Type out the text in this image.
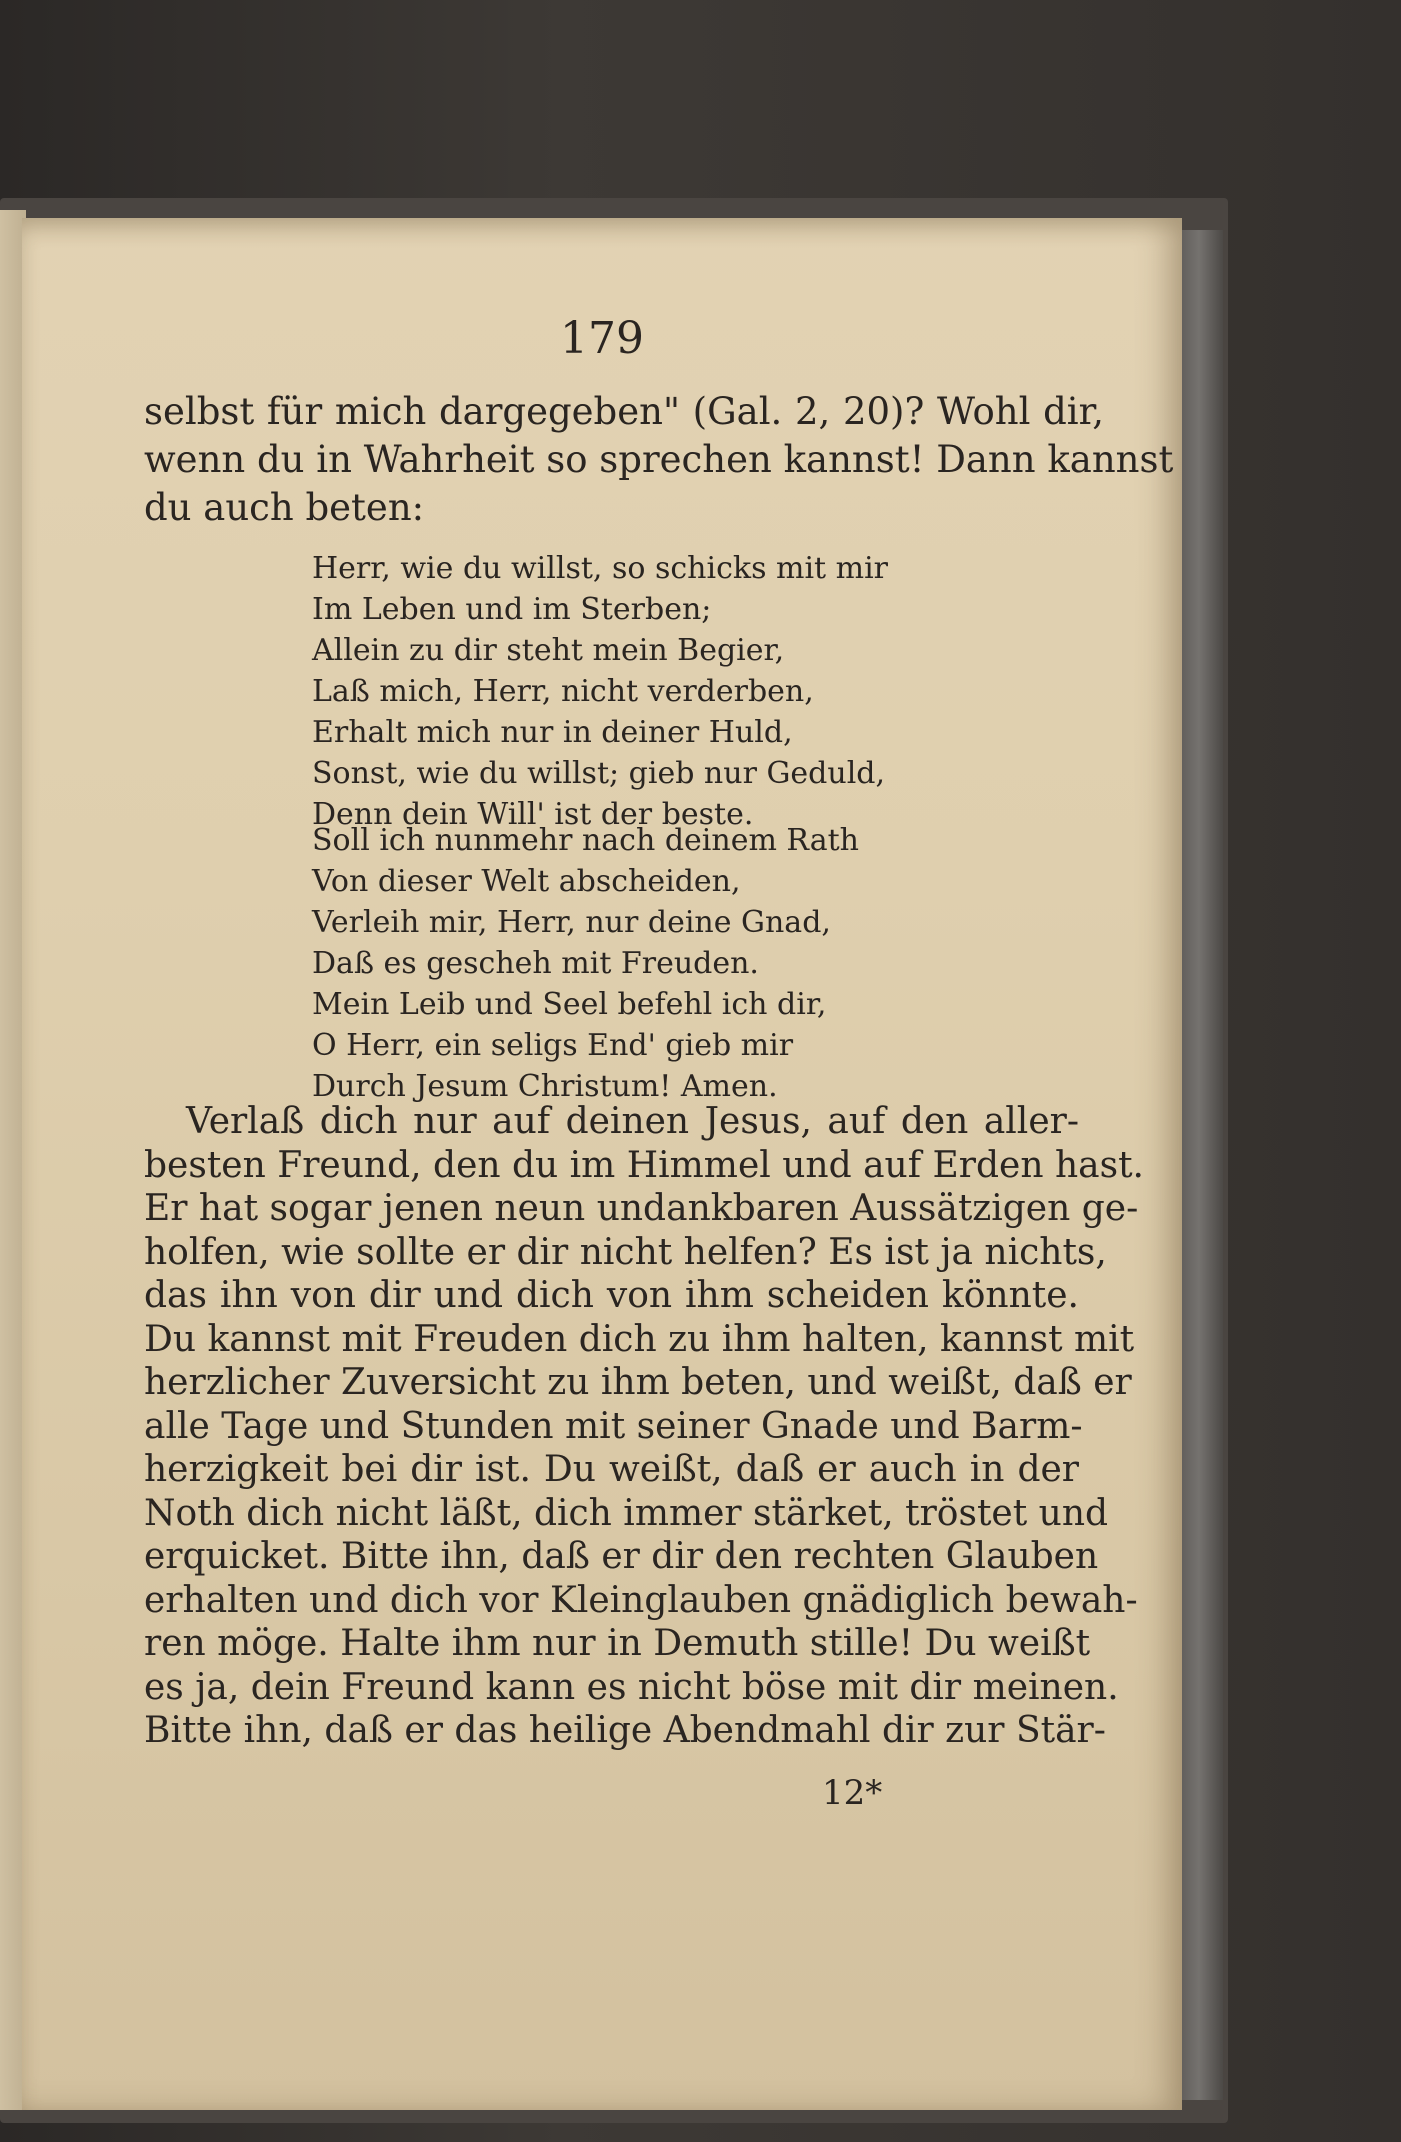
179
selbst für mich dargegeben" (Gal. 2, 20)? Wohl dir,
wenn du in Wahrheit so sprechen kannst! Dann kannst
du auch beten:
Herr, wie du willst, so schicks mit mir
Im Leben und im Sterben;
Allein zu dir steht mein Begier,
Laß mich, Herr, nicht verderben,
Erhalt mich nur in deiner Huld,
Sonst, wie du willst; gieb nur Geduld,
Denn dein Will' ist der beste.
Soll ich nunmehr nach deinem Rath
Von dieser Welt abscheiden,
Verleih mir, Herr, nur deine Gnad,
Daß es gescheh mit Freuden.
Mein Leib und Seel befehl ich dir,
O Herr, ein seligs End' gieb mir
Durch Jesum Christum! Amen.
Verlaß dich nur auf deinen Jesus, auf den aller-
besten Freund, den du im Himmel und auf Erden hast.
Er hat sogar jenen neun undankbaren Aussätzigen ge-
holfen, wie sollte er dir nicht helfen? Es ist ja nichts,
das ihn von dir und dich von ihm scheiden könnte.
Du kannst mit Freuden dich zu ihm halten, kannst mit
herzlicher Zuversicht zu ihm beten, und weißt, daß er
alle Tage und Stunden mit seiner Gnade und Barm-
herzigkeit bei dir ist. Du weißt, daß er auch in der
Noth dich nicht läßt, dich immer stärket, tröstet und
erquicket. Bitte ihn, daß er dir den rechten Glauben
erhalten und dich vor Kleinglauben gnädiglich bewah-
ren möge. Halte ihm nur in Demuth stille! Du weißt
es ja, dein Freund kann es nicht böse mit dir meinen.
Bitte ihn, daß er das heilige Abendmahl dir zur Stär-
12*
